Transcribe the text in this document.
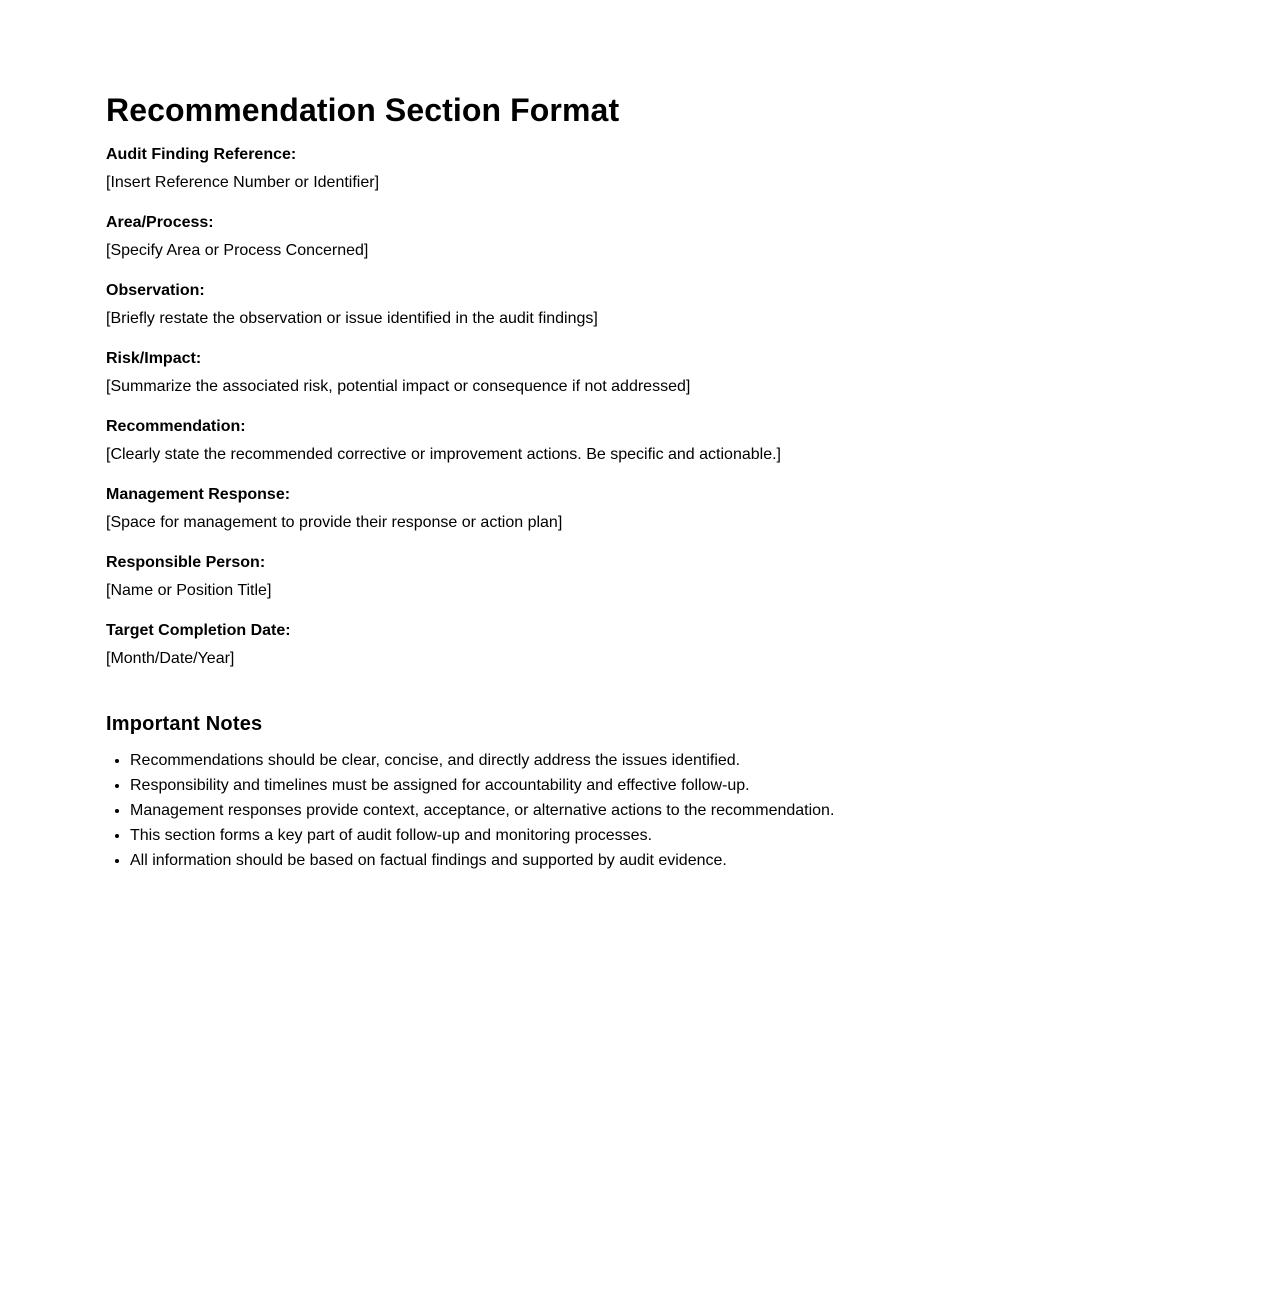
Recommendation Section Format
Audit Finding Reference:
[Insert Reference Number or Identifier]
Area/Process:
[Specify Area or Process Concerned]
Observation:
[Briefly restate the observation or issue identified in the audit findings]
Risk/Impact:
[Summarize the associated risk, potential impact or consequence if not addressed]
Recommendation:
[Clearly state the recommended corrective or improvement actions. Be specific and actionable.]
Management Response:
[Space for management to provide their response or action plan]
Responsible Person:
[Name or Position Title]
Target Completion Date:
[Month/Date/Year]
Important Notes
• Recommendations should be clear, concise, and directly address the issues identified.
• Responsibility and timelines must be assigned for accountability and effective follow-up.
• Management responses provide context, acceptance, or alternative actions to the recommendation.
• This section forms a key part of audit follow-up and monitoring processes.
• All information should be based on factual findings and supported by audit evidence.
